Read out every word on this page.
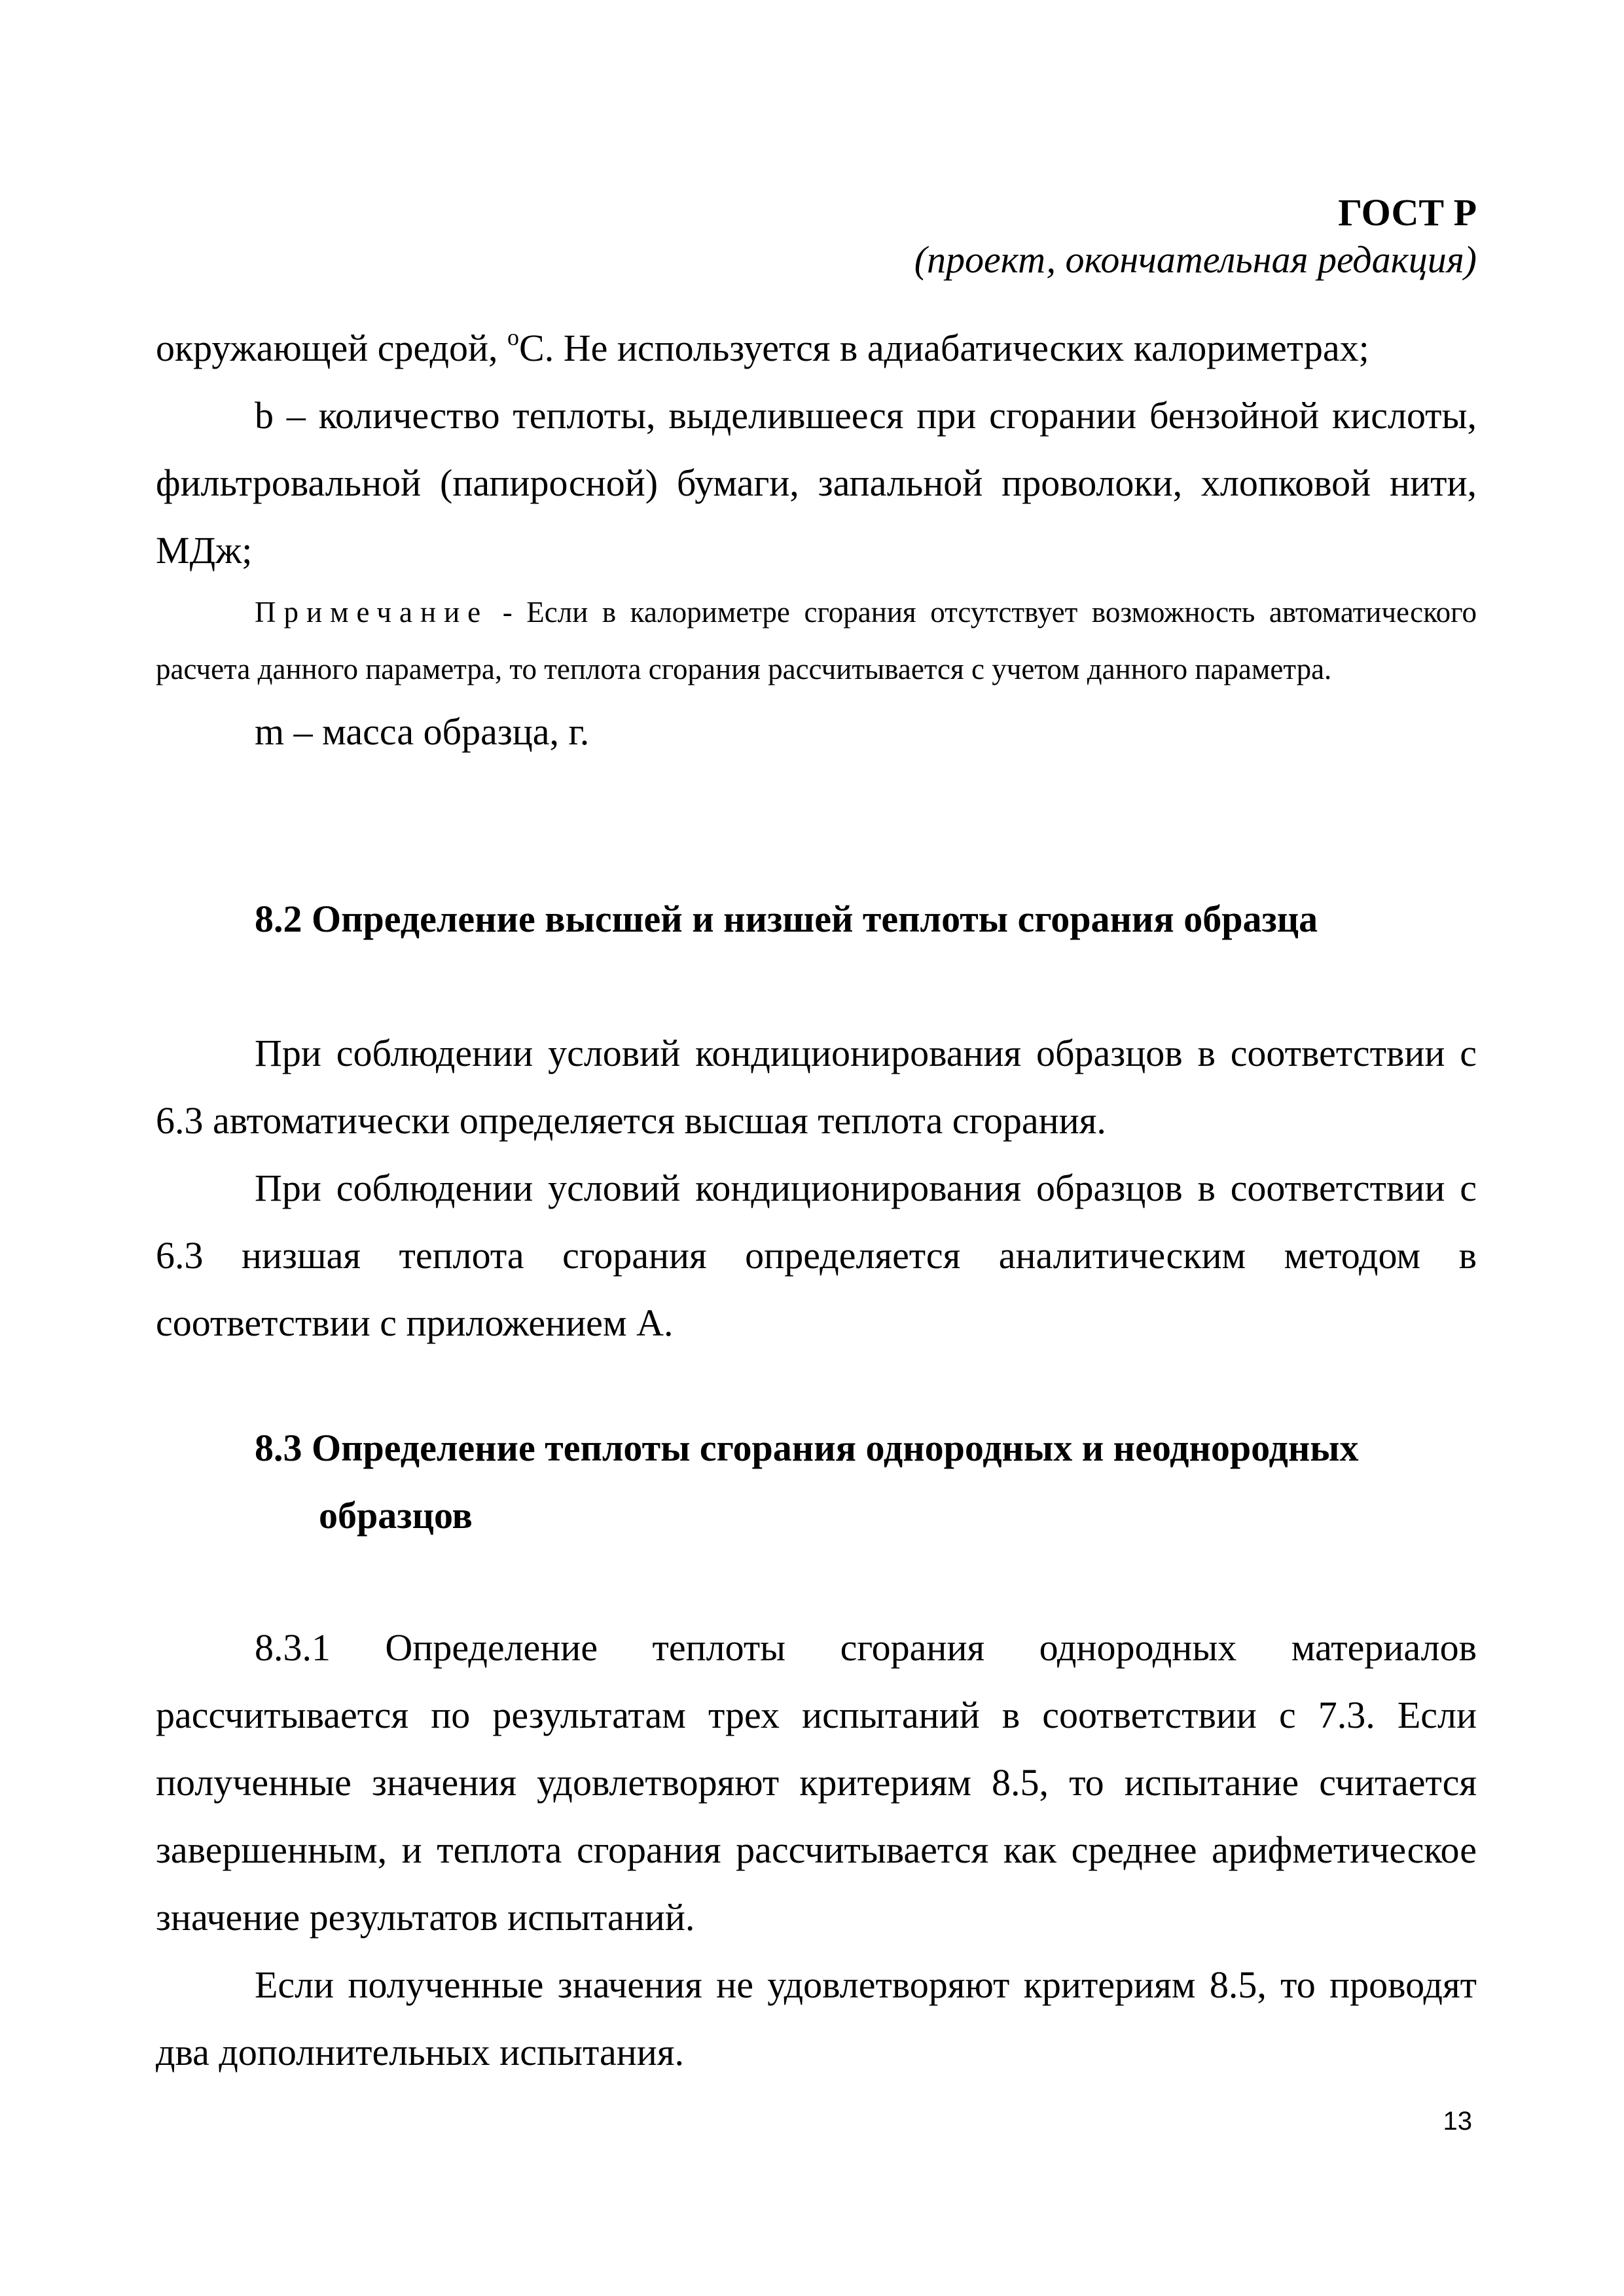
ГОСТ Р
(проект, окончательная редакция)

окружающей средой, $^o$С. Не используется в адиабатических калориметрах;

b – количество теплоты, выделившееся при сгорании бензойной кислоты, фильтровальной (папиросной) бумаги, запальной проволоки, хлопковой нити, МДж;

Примечание - Если в калориметре сгорания отсутствует возможность автоматического расчета данного параметра, то теплота сгорания рассчитывается с учетом данного параметра.

m – масса образца, г.

8.2 Определение высшей и низшей теплоты сгорания образца

При соблюдении условий кондиционирования образцов в соответствии с 6.3 автоматически определяется высшая теплота сгорания.

При соблюдении условий кондиционирования образцов в соответствии с 6.3 низшая теплота сгорания определяется аналитическим методом в соответствии с приложением А.

8.3 Определение теплоты сгорания однородных и неоднородных
образцов

8.3.1 Определение теплоты сгорания однородных материалов рассчитывается по результатам трех испытаний в соответствии с 7.3. Если полученные значения удовлетворяют критериям 8.5, то испытание считается завершенным, и теплота сгорания рассчитывается как среднее арифметическое значение результатов испытаний.

Если полученные значения не удовлетворяют критериям 8.5, то проводят два дополнительных испытания.

13
